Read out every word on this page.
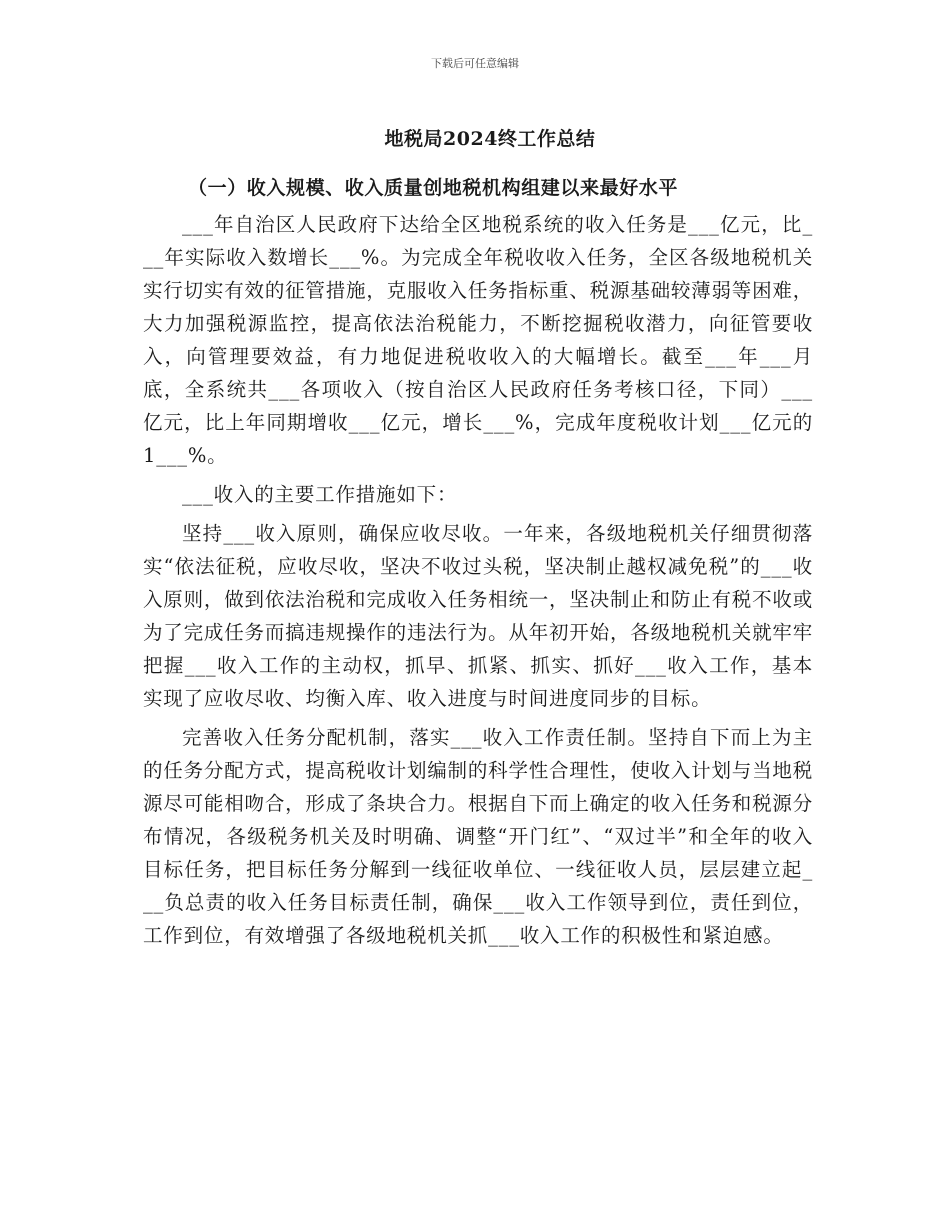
下载后可任意编辑
地税局2024终工作总结
（一）收入规模、收入质量创地税机构组建以来最好水平

___年自治区人民政府下达给全区地税系统的收入任务是___亿元，比___年实际收入数增长___%。为完成全年税收收入任务，全区各级地税机关实行切实有效的征管措施，克服收入任务指标重、税源基础较薄弱等困难，大力加强税源监控，提高依法治税能力，不断挖掘税收潜力，向征管要收入，向管理要效益，有力地促进税收收入的大幅增长。截至___年___月底，全系统共___各项收入（按自治区人民政府任务考核口径，下同）___亿元，比上年同期增收___亿元，增长___%，完成年度税收计划___亿元的1___%。

___收入的主要工作措施如下：

坚持___收入原则，确保应收尽收。一年来，各级地税机关仔细贯彻落实“依法征税，应收尽收，坚决不收过头税，坚决制止越权减免税”的___收入原则，做到依法治税和完成收入任务相统一，坚决制止和防止有税不收或为了完成任务而搞违规操作的违法行为。从年初开始，各级地税机关就牢牢把握___收入工作的主动权，抓早、抓紧、抓实、抓好___收入工作，基本实现了应收尽收、均衡入库、收入进度与时间进度同步的目标。

完善收入任务分配机制，落实___收入工作责任制。坚持自下而上为主的任务分配方式，提高税收计划编制的科学性合理性，使收入计划与当地税源尽可能相吻合，形成了条块合力。根据自下而上确定的收入任务和税源分布情况，各级税务机关及时明确、调整“开门红”、“双过半”和全年的收入目标任务，把目标任务分解到一线征收单位、一线征收人员，层层建立起___负总责的收入任务目标责任制，确保___收入工作领导到位，责任到位，工作到位，有效增强了各级地税机关抓___收入工作的积极性和紧迫感。
